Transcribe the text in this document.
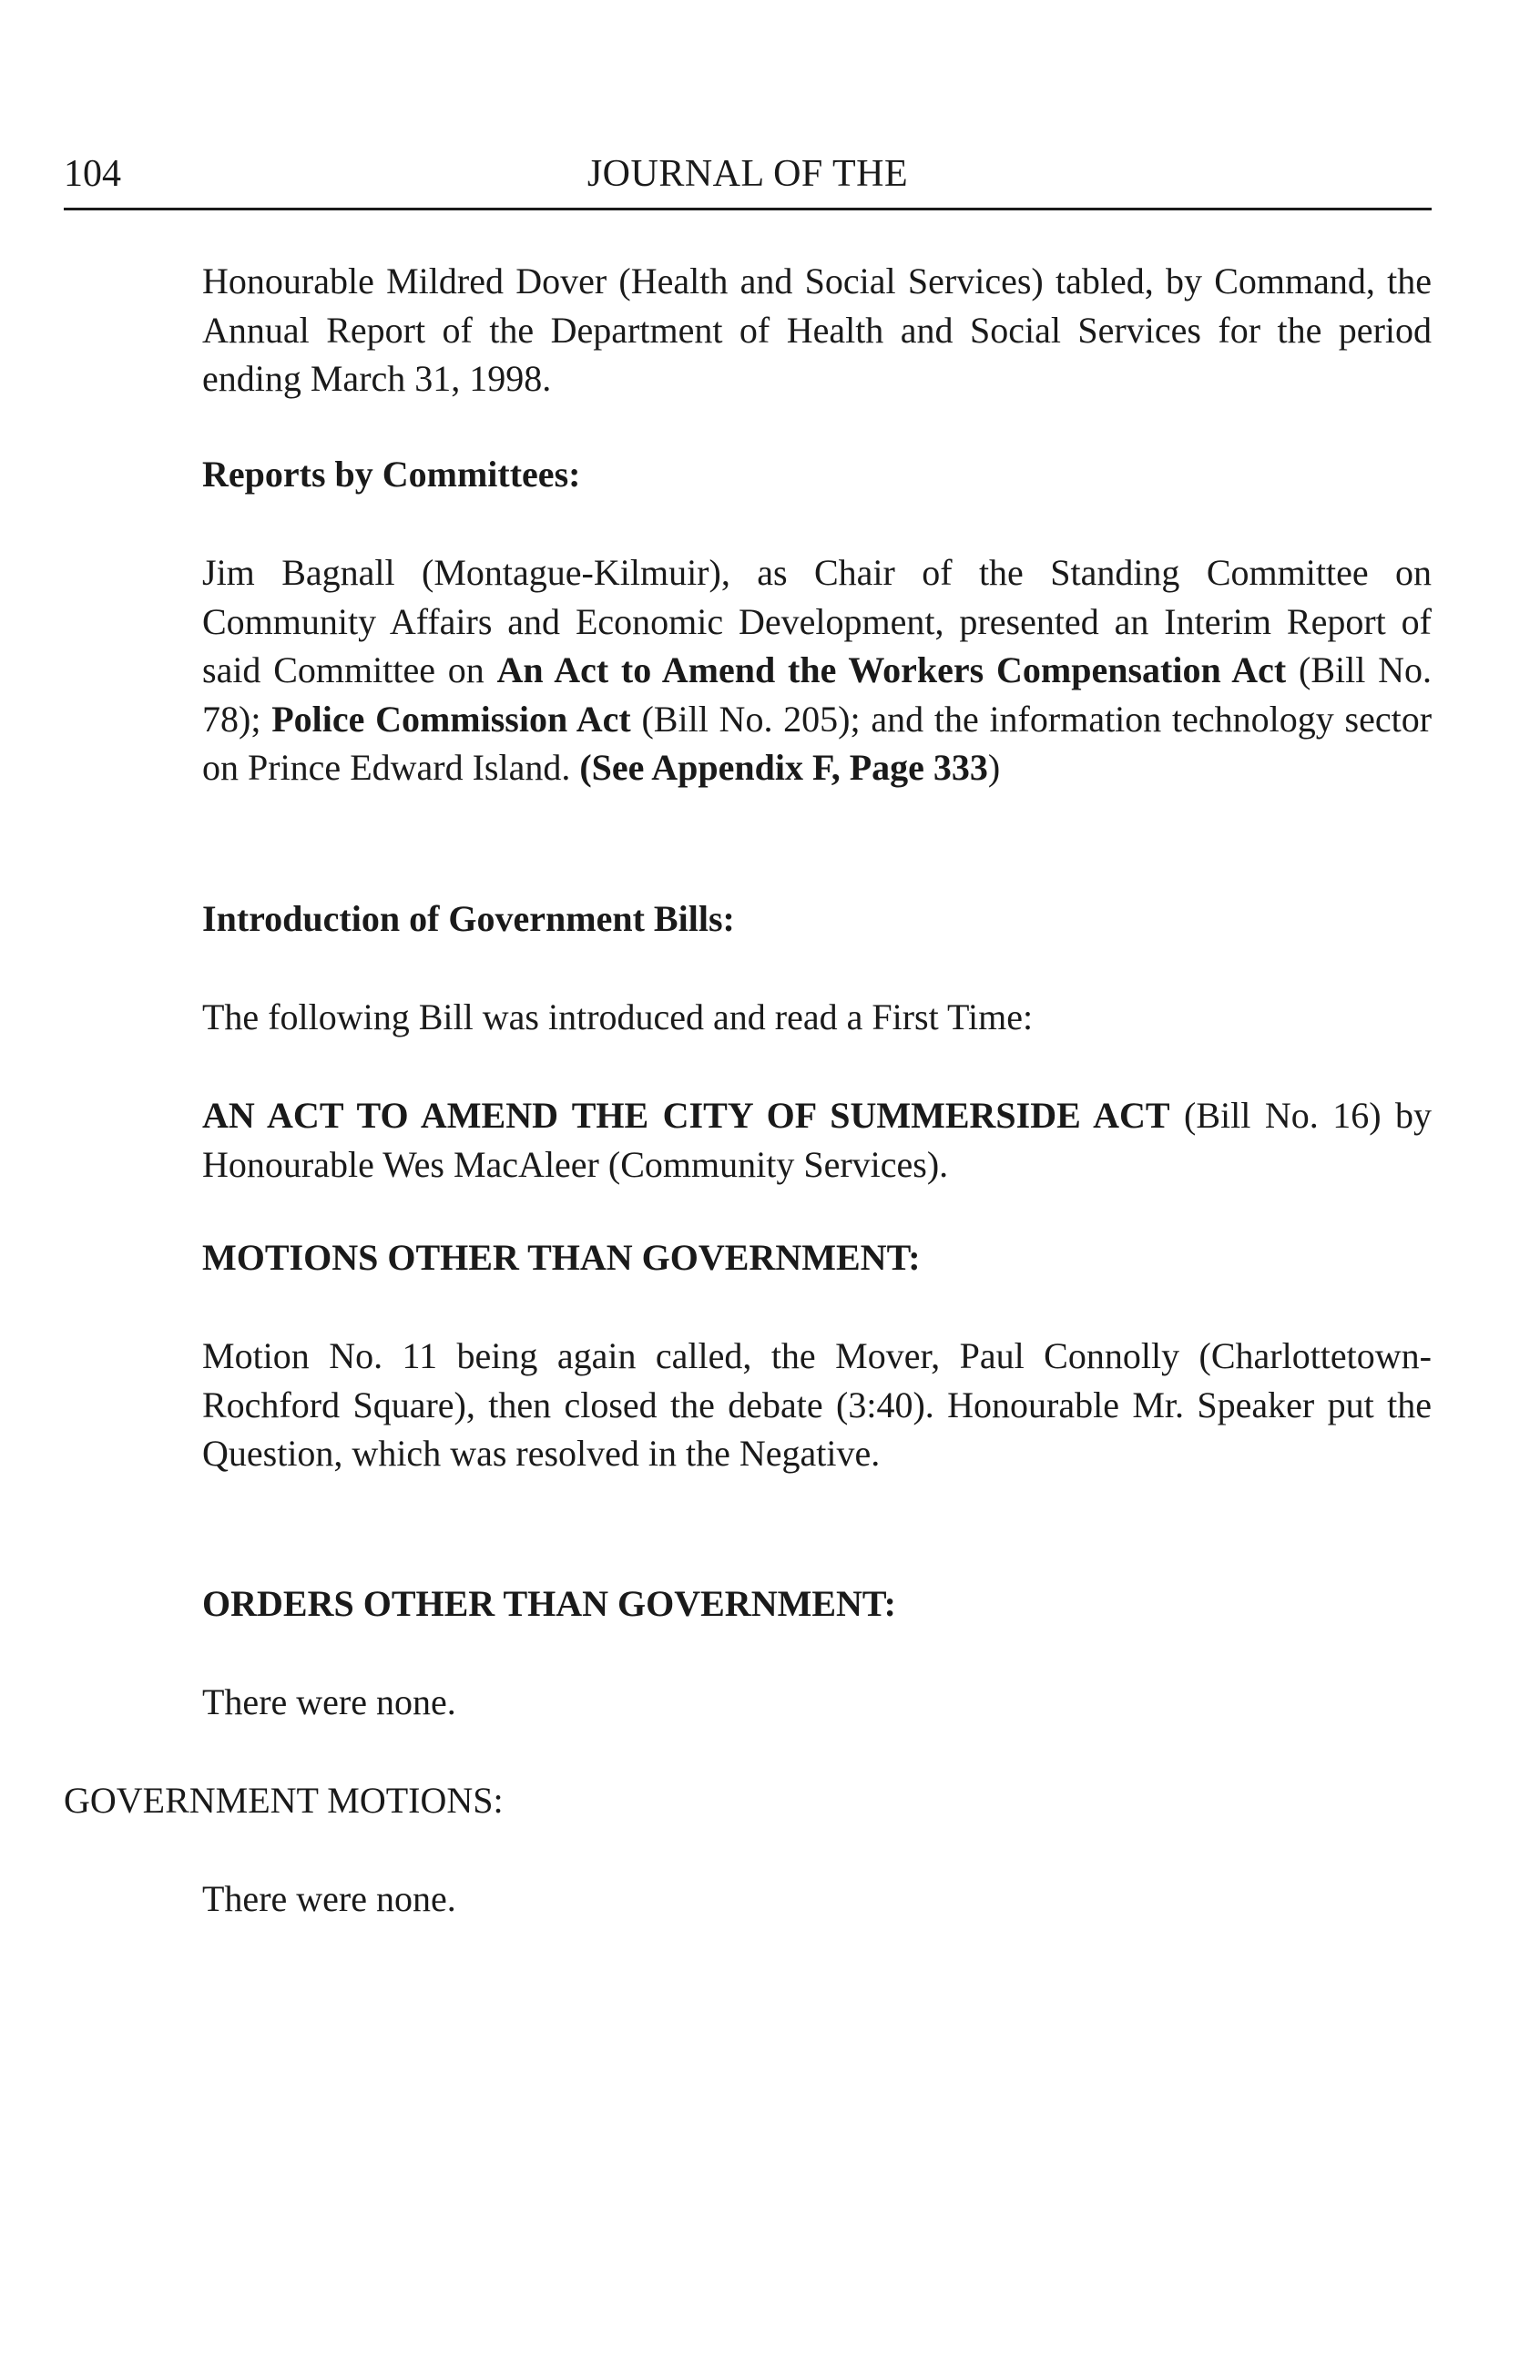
104	JOURNAL OF THE

Honourable Mildred Dover (Health and Social Services) tabled, by Command, the Annual Report of the Department of Health and Social Services for the period ending March 31, 1998.

Reports by Committees:

Jim Bagnall (Montague-Kilmuir), as Chair of the Standing Committee on Community Affairs and Economic Development, presented an Interim Report of said Committee on An Act to Amend the Workers Compensation Act (Bill No. 78); Police Commission Act (Bill No. 205); and the information technology sector on Prince Edward Island. (See Appendix F, Page 333)

Introduction of Government Bills:

The following Bill was introduced and read a First Time:

AN ACT TO AMEND THE CITY OF SUMMERSIDE ACT (Bill No. 16) by Honourable Wes MacAleer (Community Services).

MOTIONS OTHER THAN GOVERNMENT:

Motion No. 11 being again called, the Mover, Paul Connolly (Charlottetown-Rochford Square), then closed the debate (3:40). Honourable Mr. Speaker put the Question, which was resolved in the Negative.

ORDERS OTHER THAN GOVERNMENT:

There were none.

GOVERNMENT MOTIONS:

There were none.
